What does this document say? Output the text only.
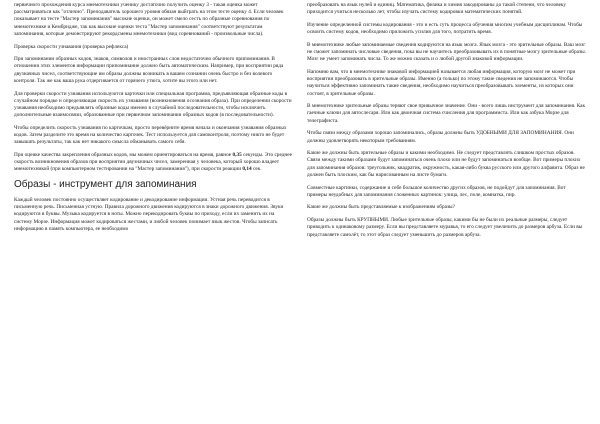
первичного прохождения курса мнемотехники ученику достаточно получить оценку 3 - такая оценка может рассматриваться как "отлично". Преподаватель хорошего уровня обязан выйграть на этом тесте оценку 4. Если человек показывает на тесте "Мастер запоминания" высокие оценки, он может смело сесть по образные соревнования по мнемотехнике и Кембридже, так как высокие оценки теста "Мастер запоминания" соответствуют результатам запоминания, которые демонстрируют рекордсмены мнемотехники (вид соревнований - произвольные числа).

Проверка скорости узнавания (проверка рефлекса)

При запоминании образных кодов, знаков, символов и иностранных слов недостаточно обычного припоминания. В отношении этих элементов информации припоминание должно быть автоматическим. Например, при восприятии ряда двузначных чисел, соответствующие им образы должны возникать в вашем сознании очень быстро и без волевого контроля. Так же как ваша рука отдергивается от горячего утюга, хотите вы этого или нет.

Для проверки скорости узнавания используются карточки или специальная программа, предъявляющая образные коды в случайном порядке и определяющая скорость их узнавания (возникновения осознания образа). При определении скорости узнавания необходимо предъявлять образные коды именно в случайной последовательности, чтобы исключить дополнительные взаимосвязи, образованные при первичном запоминании образных кодов (в последовательности).

Чтобы определить скорость узнавания по карточкам, просто перевёрните время начала и окончания узнавания образных кодов. Затем разделите это время на количество карточек. Тест используется для самоконтроля, поэтому никто не будет завышать результаты, так как нет никакого смысла обманывать самого себя.

При оценке качества закрепления образных кодов, мы можем ориентироваться на время, равное 0,35 секунды. Это среднее скорость возникновения образов при восприятии двузначных чисел, замеренная у человека, который хорошо владеет мнемотехникой (при компьютерном тестировании на "Мастер запоминания"), при скорости реакции 0,14 сек.

Образы - инструмент для запоминания

Каждый человек постоянно осуществляет кодирование и декодирование информации. Устная речь переводится в письменную речь. Письменная устную. Правила дорожного движения кодируются в знаки дорожного движения. Звуки кодируются в буквы. Музыка кодируется в ноты. Можно перекодировать буквы по приходу, если их заменить их на систему Морзе. Информация может кодироваться жестами, и любой человек понимает язык жестов. Чтобы записать информацию в память компьютера, ее необходимо

преобразовать на язык нулей и единиц. Математика, физика и химия закодированы до такой степени, что человеку приходится учиться несколько лет, чтобы изучать систему кодировки математических понятий.

Изучение определенной системы кодирования - это и есть суть процесса обучения многим учебным дисциплинам. Чтобы освоить систему кодов, необходимо приложить усилия для того, потратить время.

В мнемотехнике любые запоминаемые сведения кодируются на язык мозга. Язык мозга - это зрительные образы. Ваш мозг не сможет запоминать числовые сведения, пока вы не научитесь преобразовывать их в понятные мозгу зрительные образы. Мозг не умеет запоминать числа. То же можно сказать и о любой другой знаковой информации.

Напомню вам, что в мнемотехнике знаковой информацией называется любая информация, которую мозг не может при восприятии преобразовать в зрительные образы. Именно (а только) по этому такие сведения не запоминаются. Чтобы научиться эффективно запоминать такие сведения, необходимо научиться преобразовывать элементы, из которых они состоят, в зрительные образы.

В мнемотехнике зрительные образы теряют свое привычное значение. Они - всего лишь инструмент для запоминания. Как гаечные ключи для автослесаря. Или как двоичная система счисления для программиста. Или как азбука Морзе для телеграфиста.

Чтобы связи между образами хорошо запоминались, образы должны быть УДОБНЫМИ ДЛЯ ЗАПОМИНАНИЯ. Они должны удовлетворять некоторым требованиям.

Какие же должны быть зрительные образы и какими необходимо. Не следует представлять слишком простых образов. Связи между такими образами будут запоминаться очень плохо или не будут запоминаться вообще. Вот примеры плохих для запоминания образов: треугольник, квадратик, окружность, какая-либо буква русского или другого алфавита. Образ не должен быть плоским, как бы нарисованным на листе бумаги.

Совместные картинки, содержание и себе большое количество других образов, не подойдут для запоминания. Вот примеры неудобных для запоминания сложенных картинок: улица, лес, поле, комнатка, пир.

Какие же должны быть представляемые к изображениям образы?

Образы должны быть КРУПНЫМИ. Любые зрительные образы, какими бы не были их реальные размеры, следует приводить к одинаковому размеру. Если вы представляете муравья, то его следует увеличить до размеров арбуза. Если вы представляете самолёт, то этот образ следует уменьшить до размеров арбуза.
